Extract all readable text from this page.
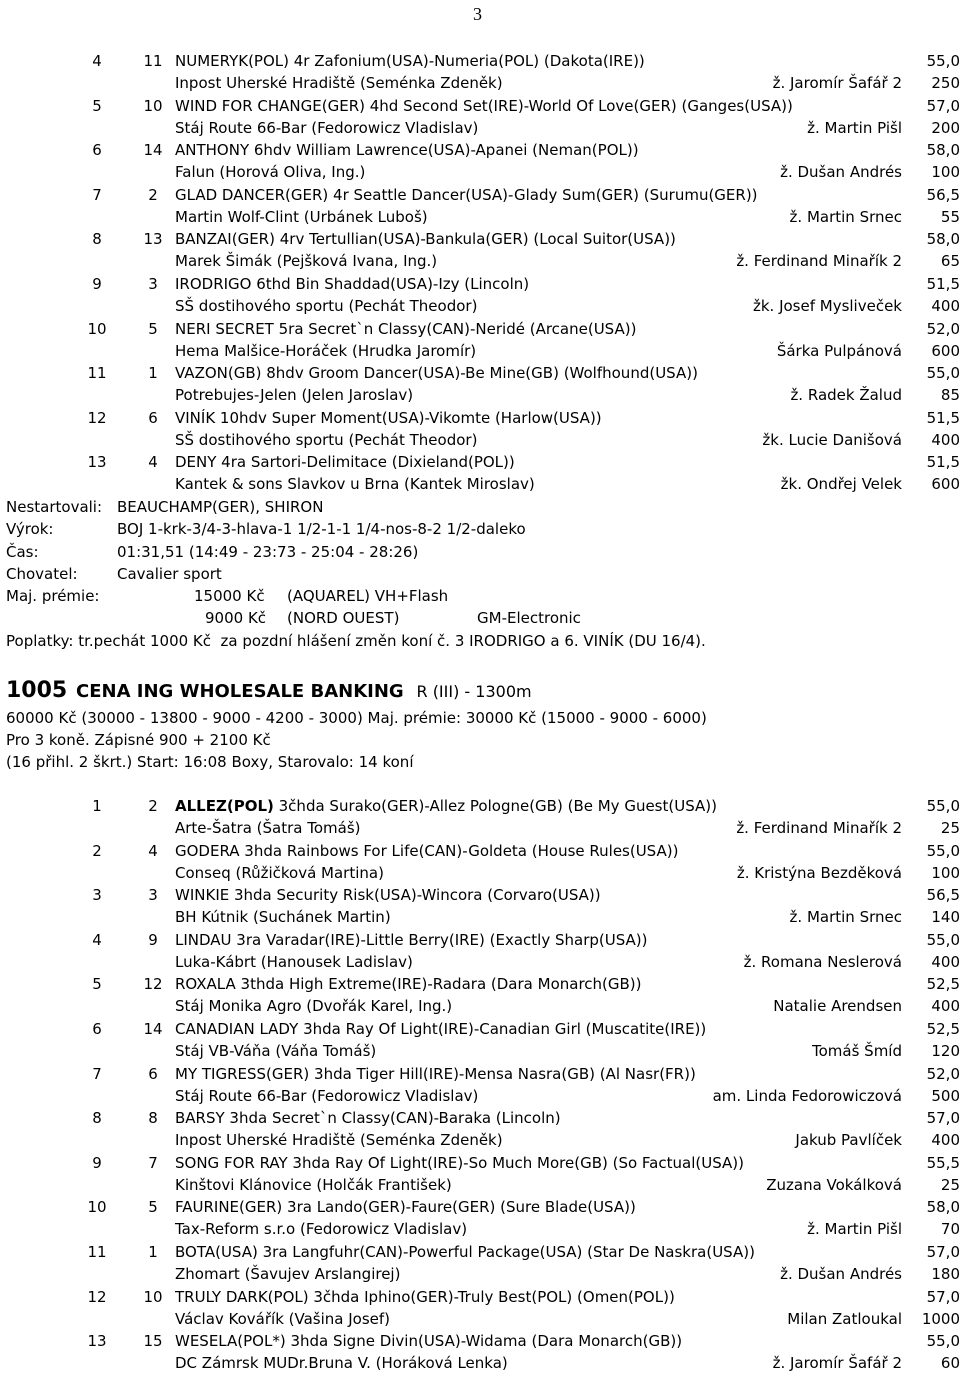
3
4	11 NUMERYK(POL) 4r Zafonium(USA)-Numeria(POL) (Dakota(IRE))	55,0
Inpost Uherské Hradiště (Seménka Zdeněk)	ž. Jaromír Šafář 2	250
5	10 WIND FOR CHANGE(GER) 4hd Second Set(IRE)-World Of Love(GER) (Ganges(USA))	57,0
Stáj Route 66-Bar (Fedorowicz Vladislav)	ž. Martin Pišl	200
6	14 ANTHONY 6hdv William Lawrence(USA)-Apanei (Neman(POL))	58,0
Falun (Horová Oliva, Ing.)	ž. Dušan Andrés	100
7	2	GLAD DANCER(GER) 4r Seattle Dancer(USA)-Glady Sum(GER) (Surumu(GER))	56,5
Martin Wolf-Clint (Urbánek Luboš)	ž. Martin Srnec	55
8	13 BANZAI(GER) 4rv Tertullian(USA)-Bankula(GER) (Local Suitor(USA))	58,0
Marek Šimák (Pejšková Ivana, Ing.)	ž. Ferdinand Minařík 2	65
9	3	IRODRIGO 6thd Bin Shaddad(USA)-Izy (Lincoln)	51,5
SŠ dostihového sportu (Pechát Theodor)	žk. Josef Mysliveček	400
10	5	NERI SECRET 5ra Secret`n Classy(CAN)-Neridé (Arcane(USA))	52,0
Hema Malšice-Horáček (Hrudka Jaromír)	Šárka Pulpánová	600
11	1	VAZON(GB) 8hdv Groom Dancer(USA)-Be Mine(GB) (Wolfhound(USA))	55,0
Potrebujes-Jelen (Jelen Jaroslav)	ž. Radek Žalud	85
12	6	VINÍK 10hdv Super Moment(USA)-Vikomte (Harlow(USA))	51,5
SŠ dostihového sportu (Pechát Theodor)	žk. Lucie Danišová	400
13	4	DENY 4ra Sartori-Delimitace (Dixieland(POL))	51,5
Kantek & sons Slavkov u Brna (Kantek Miroslav)	žk. Ondřej Velek	600
Nestartovali: BEAUCHAMP(GER), SHIRON
Výrok:	BOJ 1-krk-3/4-3-hlava-1 1/2-1-1 1/4-nos-8-2 1/2-daleko
Čas:	01:31,51 (14:49 - 23:73 - 25:04 - 28:26)
Chovatel:	Cavalier sport
Maj. prémie:	15000 Kč (AQUAREL) VH+Flash
9000 Kč (NORD OUEST)	GM-Electronic
Poplatky: tr.pechát 1000 Kč  za pozdní hlášení změn koní č. 3 IRODRIGO a 6. VINÍK (DU 16/4).
1005 CENA ING WHOLESALE BANKING R (III) - 1300m
60000 Kč (30000 - 13800 - 9000 - 4200 - 3000) Maj. prémie: 30000 Kč (15000 - 9000 - 6000)
Pro 3 koně. Zápisné 900 + 2100 Kč
(16 přihl. 2 škrt.) Start: 16:08 Boxy, Starovalo: 14 koní
1	2	ALLEZ(POL) 3čhda Surako(GER)-Allez Pologne(GB) (Be My Guest(USA))	55,0
Arte-Šatra (Šatra Tomáš)	ž. Ferdinand Minařík 2	25
2	4	GODERA 3hda Rainbows For Life(CAN)-Goldeta (House Rules(USA))	55,0
Conseq (Růžičková Martina)	ž. Kristýna Bezděková	100
3	3	WINKIE 3hda Security Risk(USA)-Wincora (Corvaro(USA))	56,5
BH Kútnik (Suchánek Martin)	ž. Martin Srnec	140
4	9	LINDAU 3ra Varadar(IRE)-Little Berry(IRE) (Exactly Sharp(USA))	55,0
Luka-Kábrt (Hanousek Ladislav)	ž. Romana Neslerová	400
5	12 ROXALA 3thda High Extreme(IRE)-Radara (Dara Monarch(GB))	52,5
Stáj Monika Agro (Dvořák Karel, Ing.)	Natalie Arendsen	400
6	14 CANADIAN LADY 3hda Ray Of Light(IRE)-Canadian Girl (Muscatite(IRE))	52,5
Stáj VB-Váňa (Váňa Tomáš)	Tomáš Šmíd	120
7	6	MY TIGRESS(GER) 3hda Tiger Hill(IRE)-Mensa Nasra(GB) (Al Nasr(FR))	52,0
Stáj Route 66-Bar (Fedorowicz Vladislav)	am. Linda Fedorowiczová	500
8	8	BARSY 3hda Secret`n Classy(CAN)-Baraka (Lincoln)	57,0
Inpost Uherské Hradiště (Seménka Zdeněk)	Jakub Pavlíček	400
9	7	SONG FOR RAY 3hda Ray Of Light(IRE)-So Much More(GB) (So Factual(USA))	55,5
Kinštovi Klánovice (Holčák František)	Zuzana Vokálková	25
10	5	FAURINE(GER) 3ra Lando(GER)-Faure(GER) (Sure Blade(USA))	58,0
Tax-Reform s.r.o (Fedorowicz Vladislav)	ž. Martin Pišl	70
11	1	BOTA(USA) 3ra Langfuhr(CAN)-Powerful Package(USA) (Star De Naskra(USA))	57,0
Zhomart (Šavujev Arslangirej)	ž. Dušan Andrés	180
12	10 TRULY DARK(POL) 3čhda Iphino(GER)-Truly Best(POL) (Omen(POL))	57,0
Václav Kovářík (Vašina Josef)	Milan Zatloukal	1000
13	15 WESELA(POL*) 3hda Signe Divin(USA)-Widama (Dara Monarch(GB))	55,0
DC Zámrsk MUDr.Bruna V. (Horáková Lenka)	ž. Jaromír Šafář 2	60
